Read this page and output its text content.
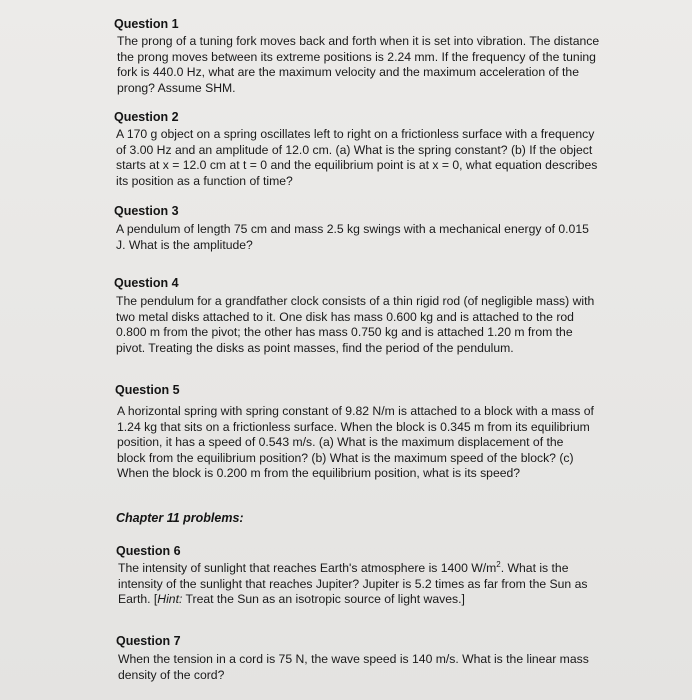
Question 1
The prong of a tuning fork moves back and forth when it is set into vibration. The distance
the prong moves between its extreme positions is 2.24 mm. If the frequency of the tuning
fork is 440.0 Hz, what are the maximum velocity and the maximum acceleration of the
prong? Assume SHM.
Question 2
A 170 g object on a spring oscillates left to right on a frictionless surface with a frequency
of 3.00 Hz and an amplitude of 12.0 cm. (a) What is the spring constant? (b) If the object
starts at x = 12.0 cm at t = 0 and the equilibrium point is at x = 0, what equation describes
its position as a function of time?
Question 3
A pendulum of length 75 cm and mass 2.5 kg swings with a mechanical energy of 0.015
J. What is the amplitude?
Question 4
The pendulum for a grandfather clock consists of a thin rigid rod (of negligible mass) with
two metal disks attached to it. One disk has mass 0.600 kg and is attached to the rod
0.800 m from the pivot; the other has mass 0.750 kg and is attached 1.20 m from the
pivot. Treating the disks as point masses, find the period of the pendulum.
Question 5
A horizontal spring with spring constant of 9.82 N/m is attached to a block with a mass of
1.24 kg that sits on a frictionless surface. When the block is 0.345 m from its equilibrium
position, it has a speed of 0.543 m/s. (a) What is the maximum displacement of the
block from the equilibrium position? (b) What is the maximum speed of the block? (c)
When the block is 0.200 m from the equilibrium position, what is its speed?
Chapter 11 problems:
Question 6
The intensity of sunlight that reaches Earth's atmosphere is 1400 $W/m^2$. What is the
intensity of the sunlight that reaches Jupiter? Jupiter is 5.2 times as far from the Sun as
Earth. [Hint: Treat the Sun as an isotropic source of light waves.]
Question 7
When the tension in a cord is 75 N, the wave speed is 140 m/s. What is the linear mass
density of the cord?
